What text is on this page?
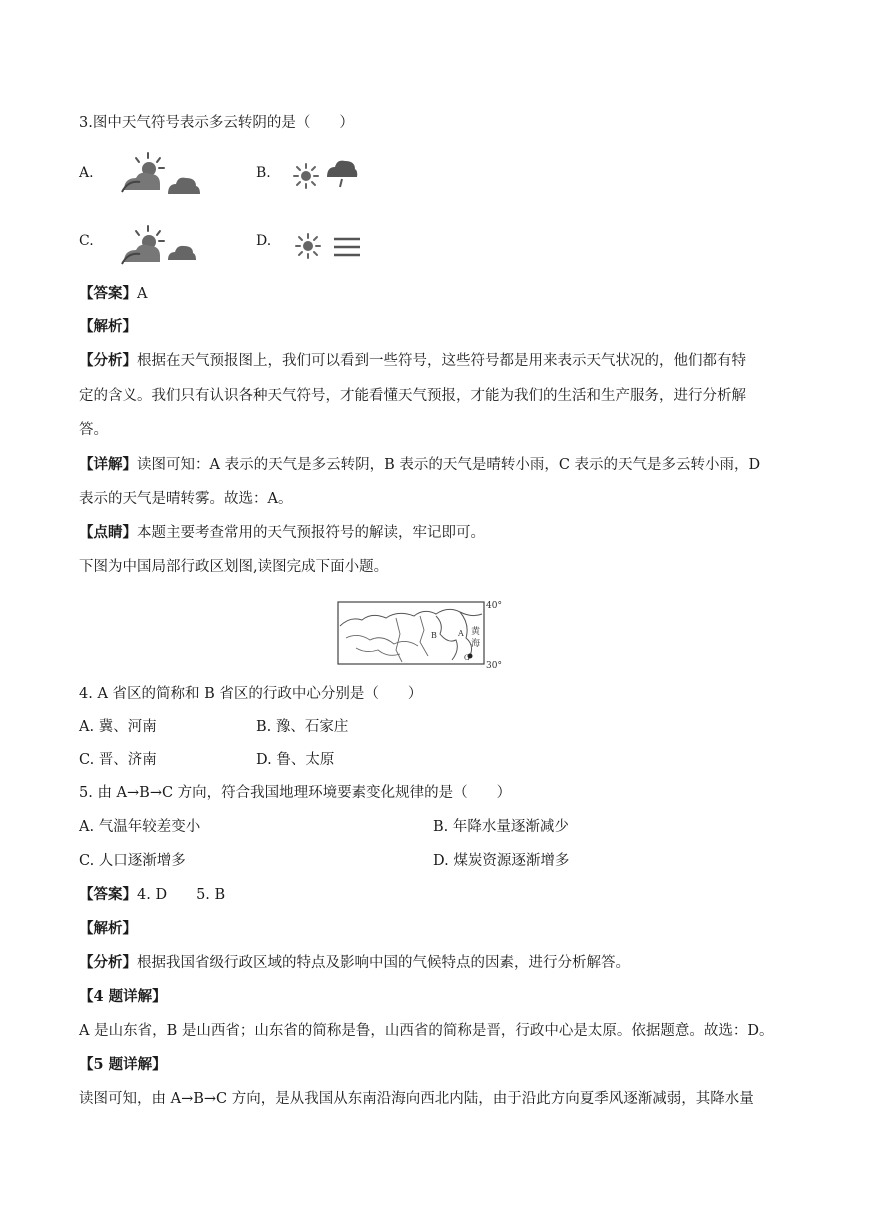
3.图中天气符号表示多云转阴的是（　　）
A.	B.
C.	D.
【答案】A
【解析】
【分析】根据在天气预报图上，我们可以看到一些符号，这些符号都是用来表示天气状况的，他们都有特
定的含义。我们只有认识各种天气符号，才能看懂天气预报，才能为我们的生活和生产服务，进行分析解
答。
【详解】读图可知：A 表示的天气是多云转阴，B 表示的天气是晴转小雨，C 表示的天气是多云转小雨，D
表示的天气是晴转雾。故选：A。
【点睛】本题主要考查常用的天气预报符号的解读，牢记即可。
下图为中国局部行政区划图,读图完成下面小题。
40°
30°
B	A
C
黄
海
4. A 省区的简称和 B 省区的行政中心分别是（　　）
A. 冀、河南	B. 豫、石家庄
C. 晋、济南	D. 鲁、太原
5. 由 A→B→C 方向，符合我国地理环境要素变化规律的是（　　）
A. 气温年较差变小	B. 年降水量逐渐减少
C. 人口逐渐增多	D. 煤炭资源逐渐增多
【答案】4. D　　5. B
【解析】
【分析】根据我国省级行政区域的特点及影响中国的气候特点的因素，进行分析解答。
【4 题详解】
A 是山东省，B 是山西省；山东省的简称是鲁，山西省的简称是晋，行政中心是太原。依据题意。故选：D。
【5 题详解】
读图可知，由 A→B→C 方向，是从我国从东南沿海向西北内陆，由于沿此方向夏季风逐渐减弱，其降水量
